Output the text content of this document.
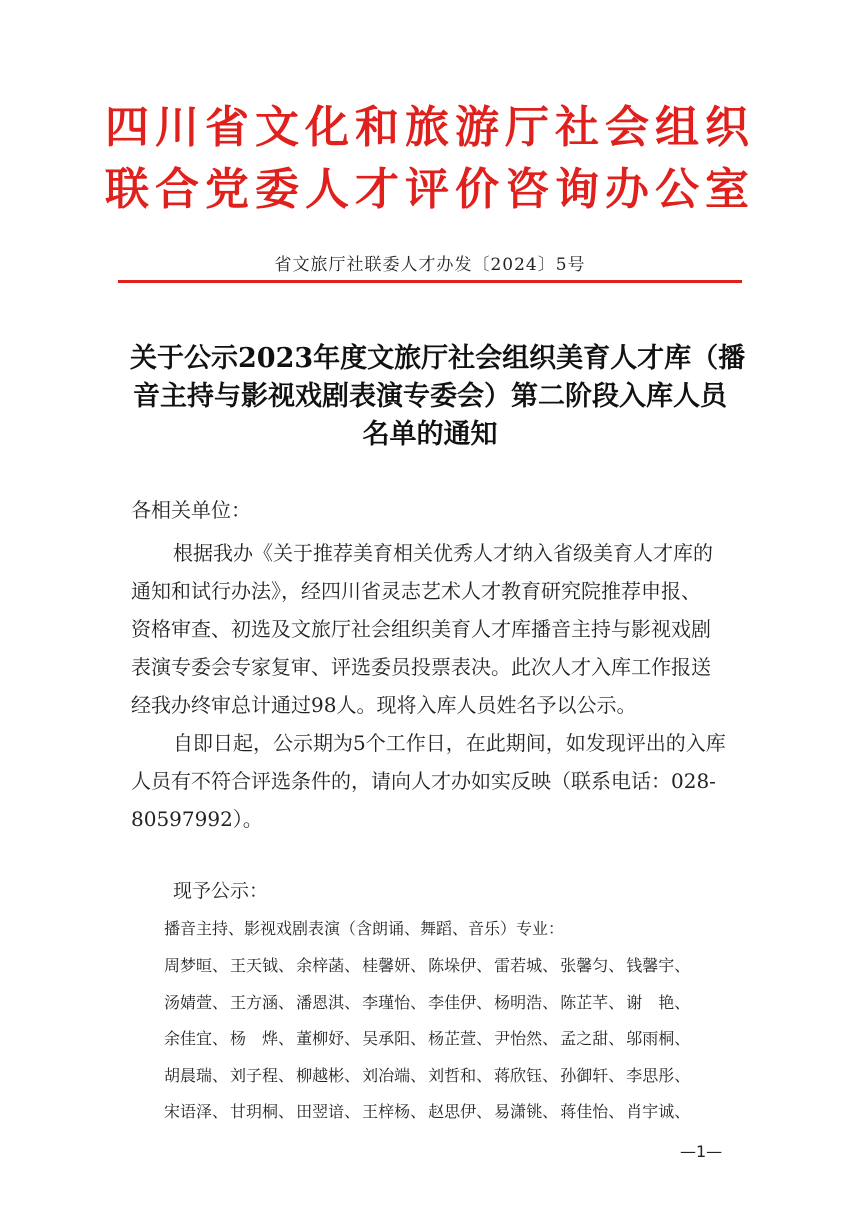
四川省文化和旅游厅社会组织
联合党委人才评价咨询办公室
省文旅厅社联委人才办发〔2024〕5号
关于公示2023年度文旅厅社会组织美育人才库（播
音主持与影视戏剧表演专委会）第二阶段入库人员
名单的通知
各相关单位：
根据我办《关于推荐美育相关优秀人才纳入省级美育人才库的
通知和试行办法》，经四川省灵志艺术人才教育研究院推荐申报、
资格审查、初选及文旅厅社会组织美育人才库播音主持与影视戏剧
表演专委会专家复审、评选委员投票表决。此次人才入库工作报送
经我办终审总计通过98人。现将入库人员姓名予以公示。
自即日起，公示期为5个工作日，在此期间，如发现评出的入库
人员有不符合评选条件的，请向人才办如实反映（联系电话：028-
80597992）。
现予公示：
播音主持、影视戏剧表演（含朗诵、舞蹈、音乐）专业：
周梦晅、 王天钺、 余梓菡、 桂馨妍、 陈垛伊、 雷若城、 张馨匀、 钱馨宇、
汤婧萱、 王方涵、 潘恩淇、 李瑾怡、 李佳伊、 杨明浩、 陈芷芊、 谢　艳、
余佳宜、 杨　烨、 董柳妤、 吴承阳、 杨芷萱、 尹怡然、 孟之甜、 邬雨桐、
胡晨瑞、 刘子程、 柳越彬、 刘冶端、 刘哲和、 蒋欣钰、 孙御轩、 李思彤、
宋语泽、 甘玥桐、 田翌谙、 王梓杨、 赵思伊、 易潇铫、 蒋佳怡、 肖宇诚、
—1—
